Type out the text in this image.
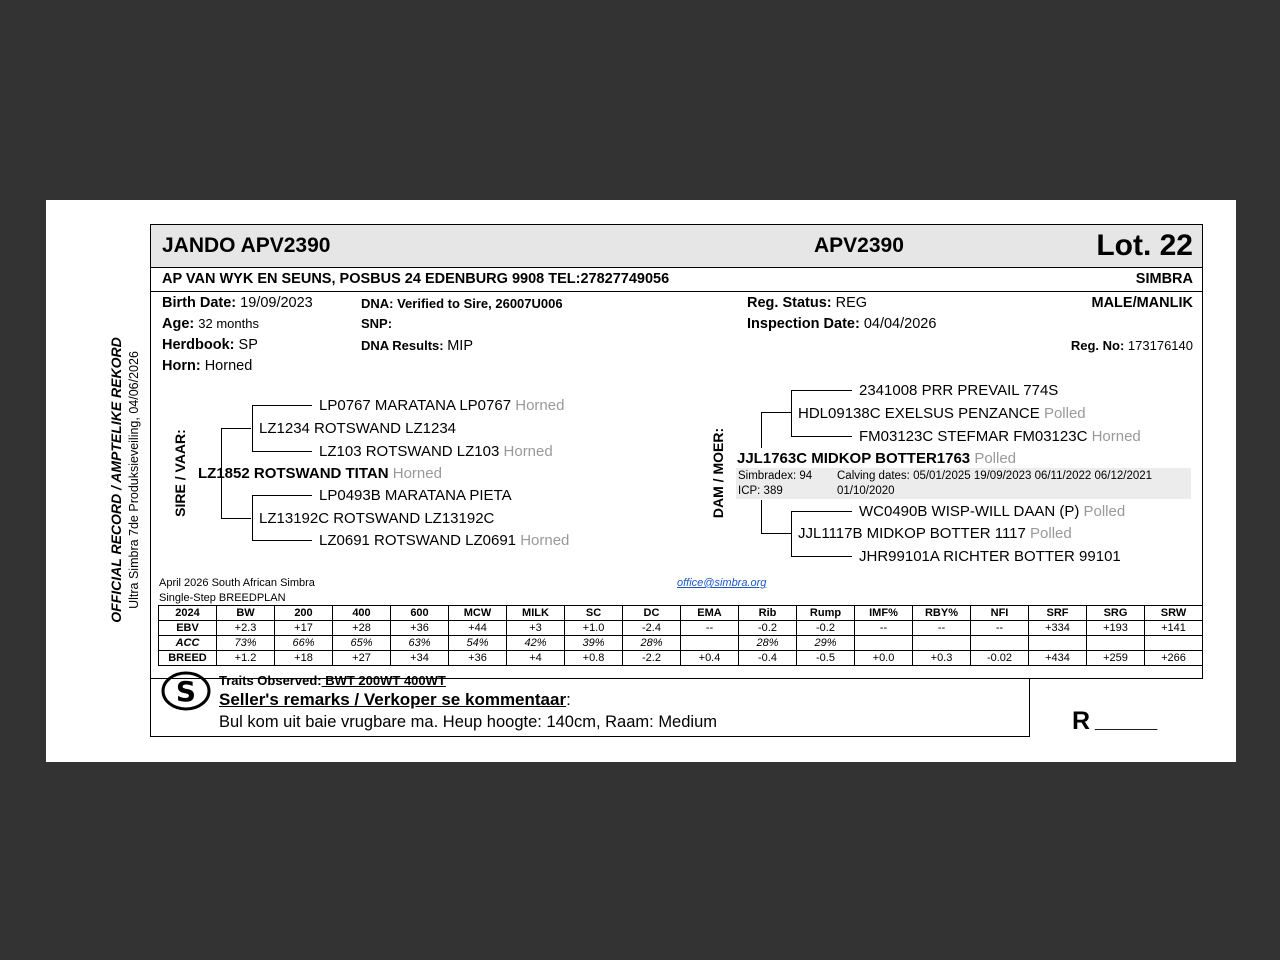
OFFICIAL RECORD / AMPTELIKE REKORD Ultra Simbra 7de Produksieveiling, 04/06/2026
JANDO APV2390	APV2390	Lot. 22
AP VAN WYK EN SEUNS, POSBUS 24 EDENBURG 9908 TEL:27827749056	SIMBRA
Birth Date: 19/09/2023
Age: 32 months
Herdbook: SP
Horn: Horned
DNA: Verified to Sire, 26007U006
SNP:
DNA Results: MIP
Reg. Status: REG
Inspection Date: 04/04/2026
MALE/MANLIK
Reg. No: 173176140
SIRE / VAAR:
LP0767 MARATANA LP0767 Horned
LZ1234 ROTSWAND LZ1234
LZ103 ROTSWAND LZ103 Horned
LZ1852 ROTSWAND TITAN Horned
LP0493B MARATANA PIETA
LZ13192C ROTSWAND LZ13192C
LZ0691 ROTSWAND LZ0691 Horned
DAM / MOER:
2341008 PRR PREVAIL 774S
HDL09138C EXELSUS PENZANCE Polled
FM03123C STEFMAR FM03123C Horned
JJL1763C MIDKOP BOTTER1763 Polled
Simbradex: 94
ICP: 389
Calving dates: 05/01/2025 19/09/2023 06/11/2022 06/12/2021
01/10/2020
WC0490B WISP-WILL DAAN (P) Polled
JJL1117B MIDKOP BOTTER 1117 Polled
JHR99101A RICHTER BOTTER 99101
April 2026 South African Simbra
Single-Step BREEDPLAN
office@simbra.org
2024	BW	200	400	600	MCW	MILK	SC	DC	EMA	Rib	Rump	IMF%	RBY%	NFI	SRF	SRG	SRW
EBV	+2.3	+17	+28	+36	+44	+3	+1.0	-2.4	--	-0.2	-0.2	--	--	--	+334	+193	+141
ACC	73%	66%	65%	63%	54%	42%	39%	28%		28%	29%						
BREED	+1.2	+18	+27	+34	+36	+4	+0.8	-2.2	+0.4	-0.4	-0.5	+0.0	+0.3	-0.02	+434	+259	+266
S Traits Observed: BWT 200WT 400WT
Seller's remarks / Verkoper se kommentaar:
Bul kom uit baie vrugbare ma. Heup hoogte: 140cm, Raam: Medium	R ________
